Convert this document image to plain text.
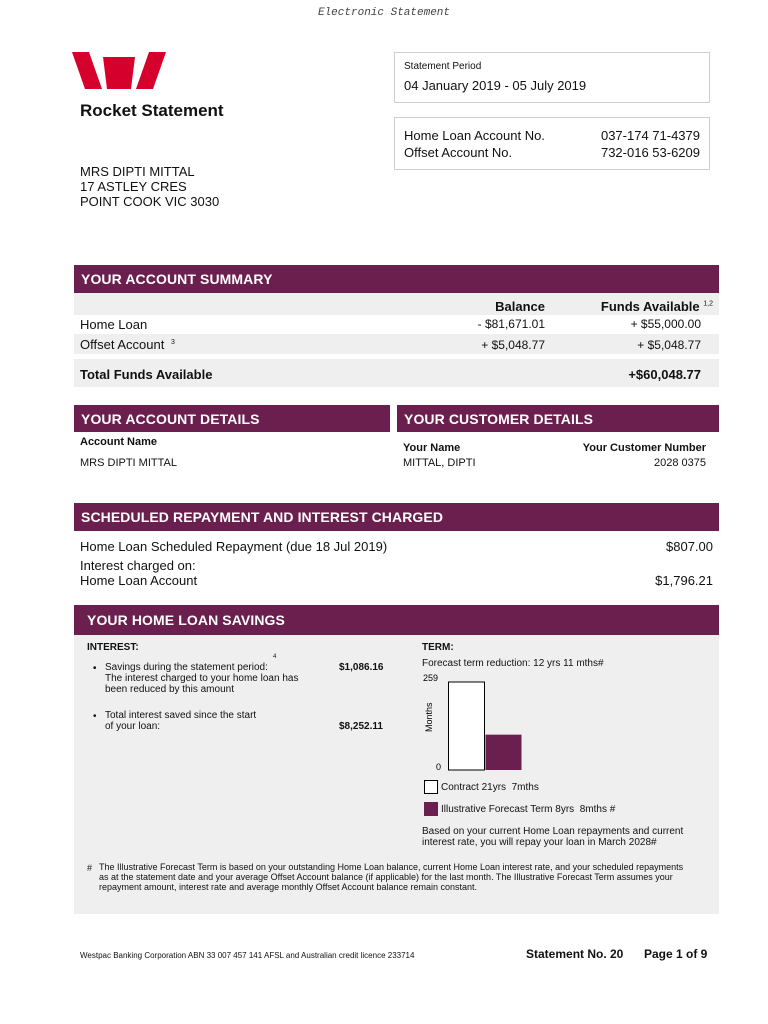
Electronic Statement
Rocket Statement
MRS DIPTI MITTAL
17 ASTLEY CRES
POINT COOK VIC 3030
Statement Period
04 January 2019 - 05 July 2019
Home Loan Account No.	037-174 71-4379
Offset Account No.	732-016 53-6209
YOUR ACCOUNT SUMMARY
Balance	Funds Available $^{1,2}$
Home Loan	- $81,671.01	+ $55,000.00
Offset Account $^3$	+ $5,048.77	+ $5,048.77
Total Funds Available	+$60,048.77
YOUR ACCOUNT DETAILS
Account Name
MRS DIPTI MITTAL
YOUR CUSTOMER DETAILS
Your Name
MITTAL, DIPTI
Your Customer Number
2028 0375
SCHEDULED REPAYMENT AND INTEREST CHARGED
Home Loan Scheduled Repayment (due 18 Jul 2019)	$807.00
Interest charged on:
Home Loan Account	$1,796.21
YOUR HOME LOAN SAVINGS
INTEREST:
Savings during the statement period:
4
The interest charged to your home loan has
been reduced by this amount
•	$1,086.16
• Total interest saved since the start
of your loan:	$8,252.11
TERM:
Forecast term reduction: 12 yrs 11 mths#
259
0
Months
Contract 21yrs  7mths
Illustrative Forecast Term 8yrs  8mths #
Based on your current Home Loan repayments and current
interest rate, you will repay your loan in March 2028#
# The Illustrative Forecast Term is based on your outstanding Home Loan balance, current Home Loan interest rate, and your scheduled repayments as at the statement date and your average Offset Account balance (if applicable) for the last month. The Illustrative Forecast Term assumes your repayment amount, interest rate and average monthly Offset Account balance remain constant.
Westpac Banking Corporation ABN 33 007 457 141 AFSL and Australian credit licence 233714	Statement No. 20 Page 1 of 9
